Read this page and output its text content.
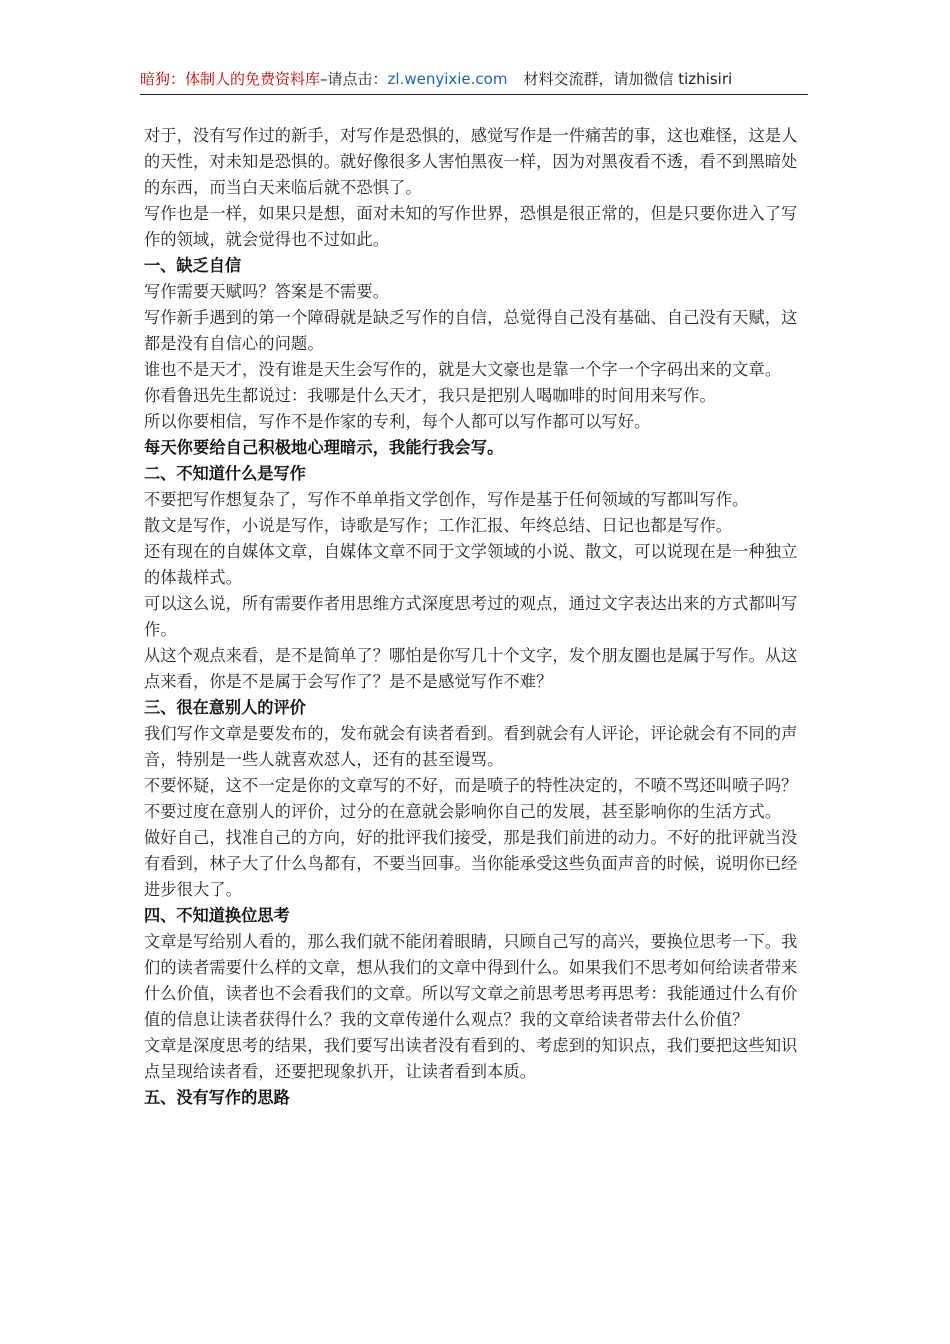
暗狗：体制人的免费资料库–请点击：zl.wenyixie.com 材料交流群，请加微信 tizhisiri

对于，没有写作过的新手，对写作是恐惧的，感觉写作是一件痛苦的事，这也难怪，这是人的天性，对未知是恐惧的。就好像很多人害怕黑夜一样，因为对黑夜看不透，看不到黑暗处的东西，而当白天来临后就不恐惧了。

写作也是一样，如果只是想，面对未知的写作世界，恐惧是很正常的，但是只要你进入了写作的领域，就会觉得也不过如此。

一、缺乏自信

写作需要天赋吗？答案是不需要。

写作新手遇到的第一个障碍就是缺乏写作的自信，总觉得自己没有基础、自己没有天赋，这都是没有自信心的问题。

谁也不是天才，没有谁是天生会写作的，就是大文豪也是靠一个字一个字码出来的文章。

你看鲁迅先生都说过：我哪是什么天才，我只是把别人喝咖啡的时间用来写作。

所以你要相信，写作不是作家的专利，每个人都可以写作都可以写好。

每天你要给自己积极地心理暗示，我能行我会写。

二、不知道什么是写作

不要把写作想复杂了，写作不单单指文学创作，写作是基于任何领域的写都叫写作。

散文是写作，小说是写作，诗歌是写作；工作汇报、年终总结、日记也都是写作。

还有现在的自媒体文章，自媒体文章不同于文学领域的小说、散文，可以说现在是一种独立的体裁样式。

可以这么说，所有需要作者用思维方式深度思考过的观点，通过文字表达出来的方式都叫写作。

从这个观点来看，是不是简单了？哪怕是你写几十个文字，发个朋友圈也是属于写作。从这点来看，你是不是属于会写作了？是不是感觉写作不难？

三、很在意别人的评价

我们写作文章是要发布的，发布就会有读者看到。看到就会有人评论，评论就会有不同的声音，特别是一些人就喜欢怼人，还有的甚至谩骂。

不要怀疑，这不一定是你的文章写的不好，而是喷子的特性决定的，不喷不骂还叫喷子吗？

不要过度在意别人的评价，过分的在意就会影响你自己的发展，甚至影响你的生活方式。

做好自己，找准自己的方向，好的批评我们接受，那是我们前进的动力。不好的批评就当没有看到，林子大了什么鸟都有，不要当回事。当你能承受这些负面声音的时候，说明你已经进步很大了。

四、不知道换位思考

文章是写给别人看的，那么我们就不能闭着眼睛，只顾自己写的高兴，要换位思考一下。我们的读者需要什么样的文章，想从我们的文章中得到什么。如果我们不思考如何给读者带来什么价值，读者也不会看我们的文章。所以写文章之前思考思考再思考：我能通过什么有价值的信息让读者获得什么？我的文章传递什么观点？我的文章给读者带去什么价值？

文章是深度思考的结果，我们要写出读者没有看到的、考虑到的知识点，我们要把这些知识点呈现给读者看，还要把现象扒开，让读者看到本质。

五、没有写作的思路
